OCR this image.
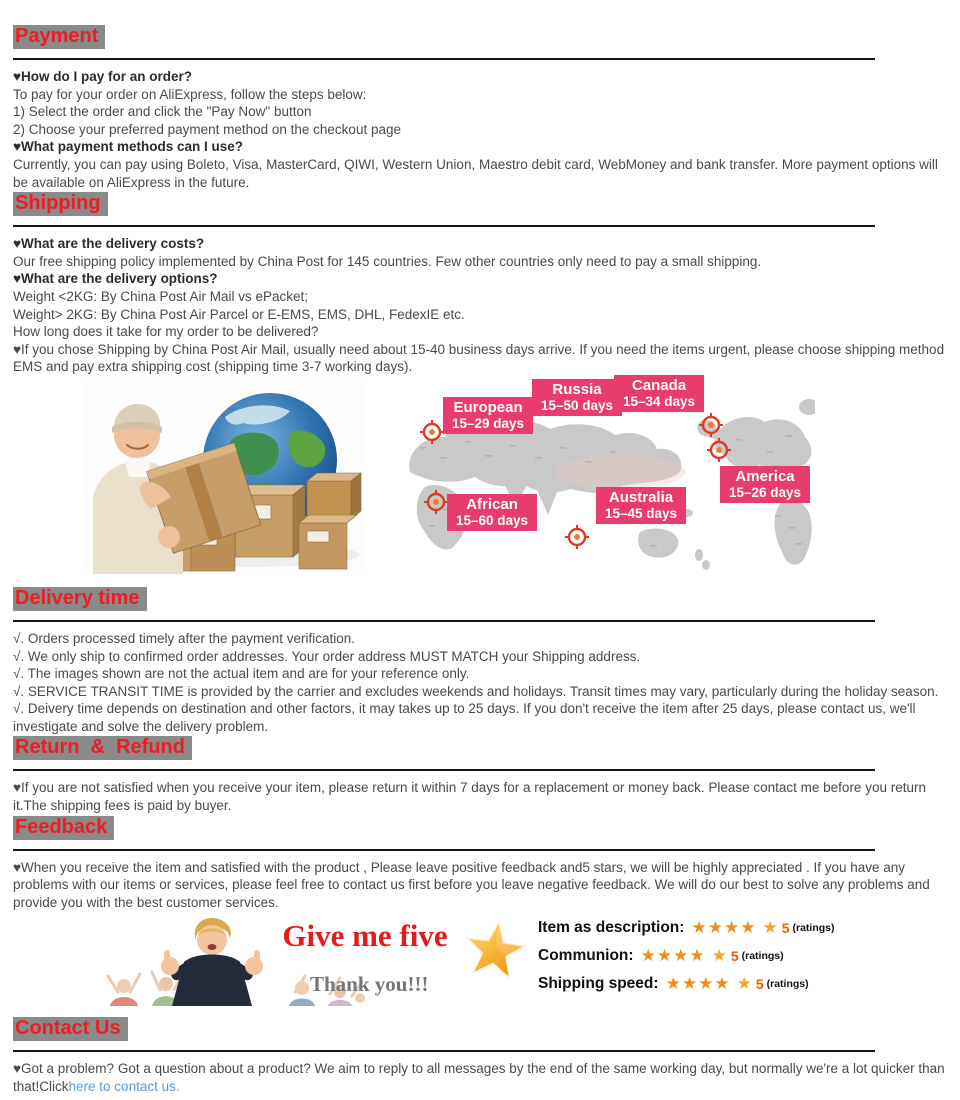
Payment

♥How do I pay for an order?

To pay for your order on AliExpress, follow the steps below:

1) Select the order and click the "Pay Now" button

2) Choose your preferred payment method on the checkout page

♥What payment methods can I use?

Currently, you can pay using Boleto, Visa, MasterCard, QIWI, Western Union, Maestro debit card, WebMoney and bank transfer. More payment options will be available on AliExpress in the future.

Shipping

♥What are the delivery costs?

Our free shipping policy implemented by China Post for 145 countries. Few other countries only need to pay a small shipping.

♥What are the delivery options?

Weight <2KG: By China Post Air Mail vs ePacket;

Weight> 2KG: By China Post Air Parcel or E-EMS, EMS, DHL, FedexIE etc.

How long does it take for my order to be delivered?

♥If you chose Shipping by China Post Air Mail, usually need about 15-40 business days arrive. If you need the items urgent, please choose shipping method EMS and pay extra shipping cost (shipping time 3-7 working days).

European
15–29 days
Russia
15–50 days
Canada
15–34 days
African
15–60 days
Australia
15–45 days
America
15–26 days
Delivery time

√. Orders processed timely after the payment verification.

√. We only ship to confirmed order addresses. Your order address MUST MATCH your Shipping address.

√. The images shown are not the actual item and are for your reference only.

√. SERVICE TRANSIT TIME is provided by the carrier and excludes weekends and holidays. Transit times may vary, particularly during the holiday season.

√. Deivery time depends on destination and other factors, it may takes up to 25 days. If you don't receive the item after 25 days, please contact us, we'll investigate and solve the delivery problem.

Return  &  Refund

♥If you are not satisfied when you receive your item, please return it within 7 days for a replacement or money back. Please contact me before you return it.The shipping fees is paid by buyer.

Feedback

♥When you receive the item and satisfied with the product , Please leave positive feedback and5 stars, we will be highly appreciated . If you have any problems with our items or services, please feel free to contact us first before you leave negative feedback. We will do our best to solve any problems and provide you with the best customer services.

Give me five
Thank you!!!
Item as description: ★ ★ ★ ★ ★ 5 (ratings)
Communion: ★ ★ ★ ★ ★ 5 (ratings)
Shipping speed: ★ ★ ★ ★ ★ 5 (ratings)
Contact Us

♥Got a problem? Got a question about a product? We aim to reply to all messages by the end of the same working day, but normally we're a lot quicker than that!Clickhere to contact us.
